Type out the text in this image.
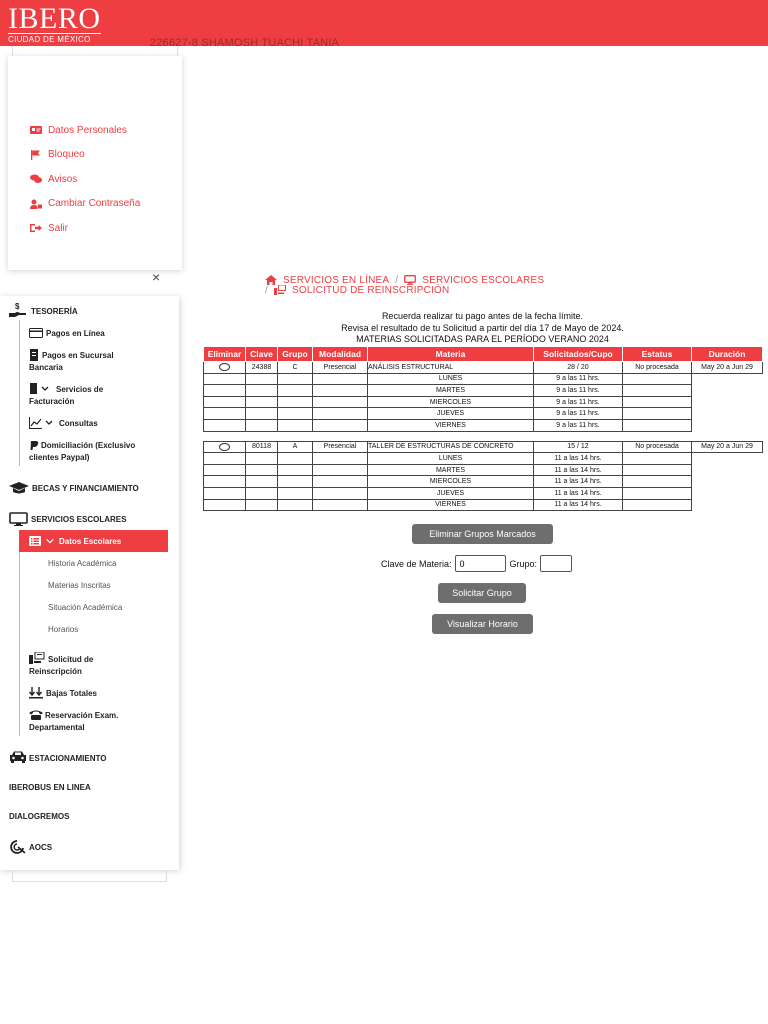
IBERO
CIUDAD DE MÉXICO	226627-8 SHAMOSH TUACHI TANIA
Datos Personales
Bloqueo
Avisos
Cambiar Contraseña
Salir
×
$
TESORERÍA
Pagos en Línea
Pagos en Sucursal
Bancaria
Servicios de
Facturación
Consultas
Domiciliación (Exclusivo
clientes Paypal)
BECAS Y FINANCIAMIENTO
SERVICIOS ESCOLARES
Datos Escolares
Historia Académica
Materias Inscritas
Situación Académica
Horarios
Solicitud de
Reinscripción
Bajas Totales
Reservación Exam.
Departamental
ESTACIONAMIENTO
IBEROBUS EN LINEA
DIALOGREMOS
AOCS
SERVICIOS EN LÍNEA / SERVICIOS ESCOLARES
/ SOLICITUD DE REINSCRIPCIÓN
Recuerda realizar tu pago antes de la fecha límite.
Revisa el resultado de tu Solicitud a partir del día 17 de Mayo de 2024.
MATERIAS SOLICITADAS PARA EL PERÍODO VERANO 2024
Eliminar	Clave	Grupo	Modalidad	Materia	Solicitados/Cupo	Estatus	Duración
	24388	C	Presencial	ANÁLISIS ESTRUCTURAL	28 / 20	No procesada	May 20 a Jun 29
				LUNES	9 a las 11 hrs.		
				MARTES	9 a las 11 hrs.		
				MIERCOLES	9 a las 11 hrs.		
				JUEVES	9 a las 11 hrs.		
				VIERNES	9 a las 11 hrs.		

	80118	A	Presencial	TALLER DE ESTRUCTURAS DE CONCRETO	15 / 12	No procesada	May 20 a Jun 29
				LUNES	11 a las 14 hrs.		
				MARTES	11 a las 14 hrs.		
				MIERCOLES	11 a las 14 hrs.		
				JUEVES	11 a las 14 hrs.		
				VIERNES	11 a las 14 hrs.		
Eliminar Grupos Marcados
Clave de Materia:
0	Grupo:
Solicitar Grupo
Visualizar Horario
